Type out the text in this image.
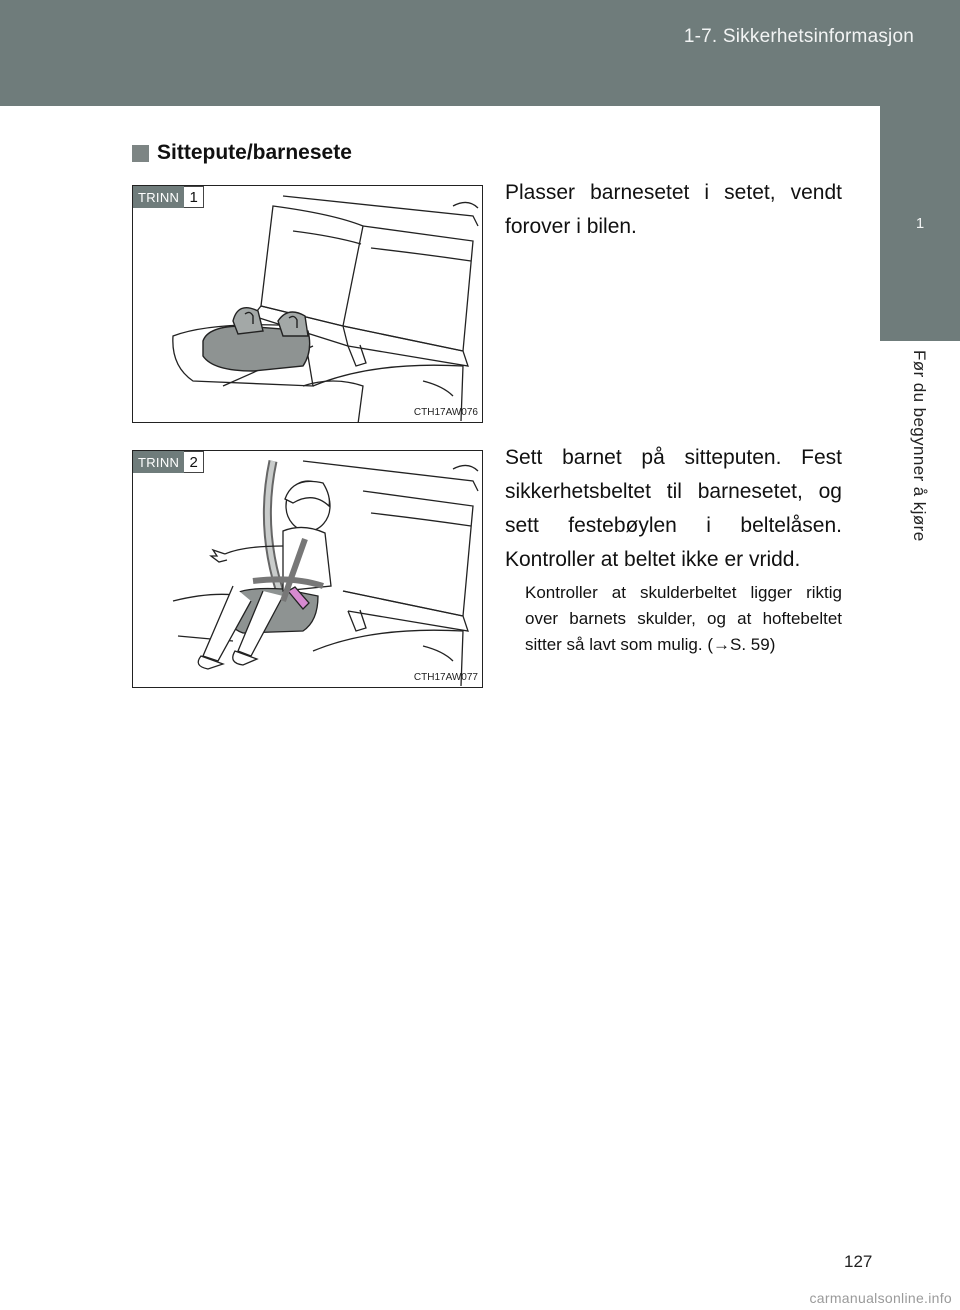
1-7. Sikkerhetsinformasjon
1
Før du begynner å kjøre
Sittepute/barnesete
TRINN 1
CTH17AW076
Plasser barnesetet i setet, vendt forover i bilen.
TRINN 2
CTH17AW077
Sett barnet på sitteputen. Fest sikkerhetsbeltet til barnesetet, og sett festebøylen i beltelåsen. Kontroller at beltet ikke er vridd.
Kontroller at skulderbeltet ligger riktig over barnets skulder, og at hoftebeltet sitter så lavt som mulig. (→S. 59)
127
carmanualsonline.info
